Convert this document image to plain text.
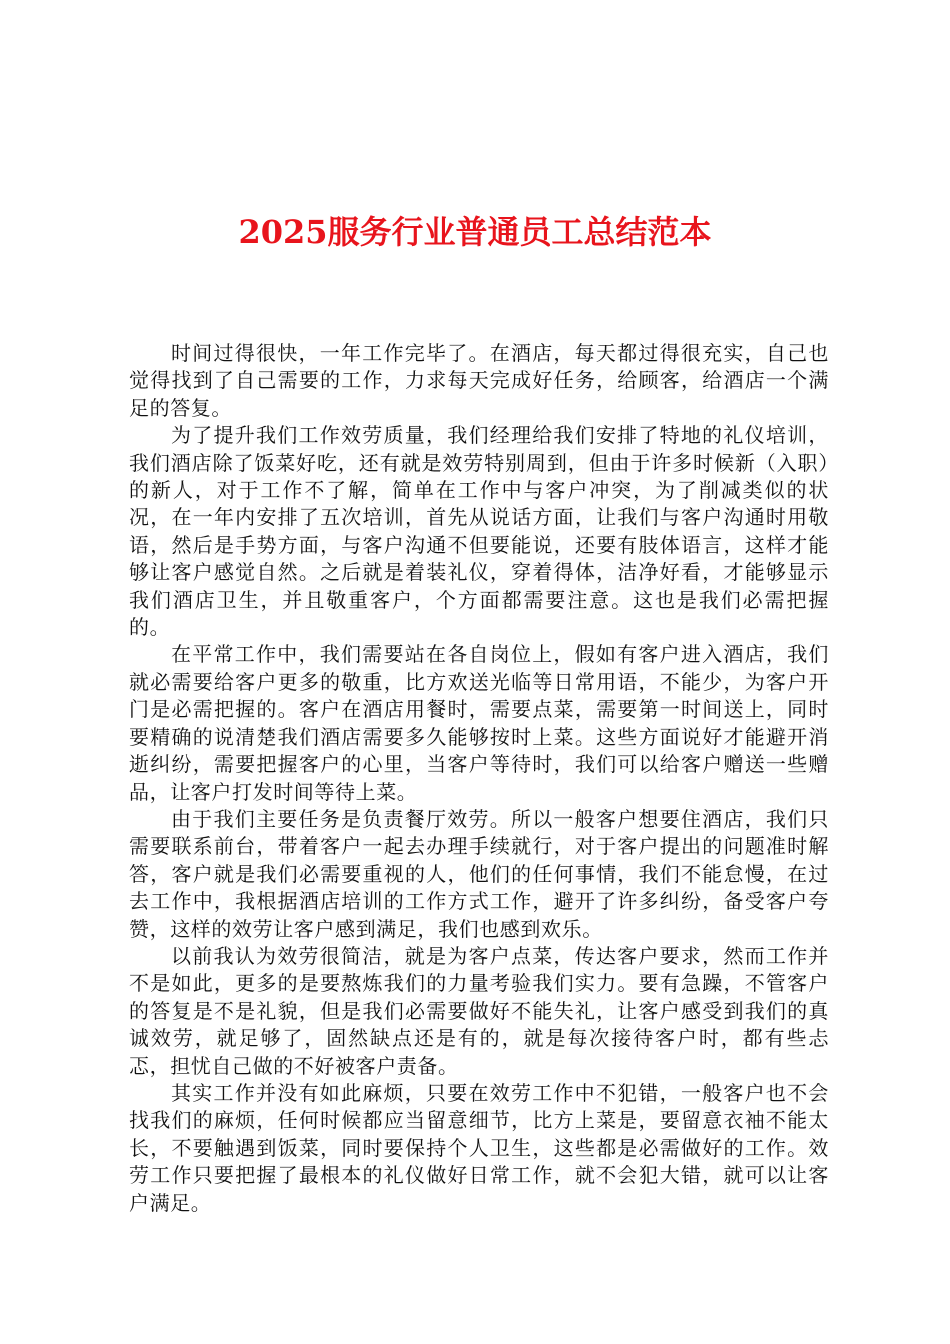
2025服务行业普通员工总结范本

时间过得很快，一年工作完毕了。在酒店，每天都过得很充实，自己也觉得找到了自己需要的工作，力求每天完成好任务，给顾客，给酒店一个满足的答复。

为了提升我们工作效劳质量，我们经理给我们安排了特地的礼仪培训，我们酒店除了饭菜好吃，还有就是效劳特别周到，但由于许多时候新（入职）的新人，对于工作不了解，简单在工作中与客户冲突，为了削减类似的状况，在一年内安排了五次培训，首先从说话方面，让我们与客户沟通时用敬语，然后是手势方面，与客户沟通不但要能说，还要有肢体语言，这样才能够让客户感觉自然。之后就是着装礼仪，穿着得体，洁净好看，才能够显示我们酒店卫生，并且敬重客户，个方面都需要注意。这也是我们必需把握的。

在平常工作中，我们需要站在各自岗位上，假如有客户进入酒店，我们就必需要给客户更多的敬重，比方欢送光临等日常用语，不能少，为客户开门是必需把握的。客户在酒店用餐时，需要点菜，需要第一时间送上，同时要精确的说清楚我们酒店需要多久能够按时上菜。这些方面说好才能避开消逝纠纷，需要把握客户的心里，当客户等待时，我们可以给客户赠送一些赠品，让客户打发时间等待上菜。

由于我们主要任务是负责餐厅效劳。所以一般客户想要住酒店，我们只需要联系前台，带着客户一起去办理手续就行，对于客户提出的问题准时解答，客户就是我们必需要重视的人，他们的任何事情，我们不能怠慢，在过去工作中，我根据酒店培训的工作方式工作，避开了许多纠纷，备受客户夸赞，这样的效劳让客户感到满足，我们也感到欢乐。

以前我认为效劳很简洁，就是为客户点菜，传达客户要求，然而工作并不是如此，更多的是要熬炼我们的力量考验我们实力。要有急躁，不管客户的答复是不是礼貌，但是我们必需要做好不能失礼，让客户感受到我们的真诚效劳，就足够了，固然缺点还是有的，就是每次接待客户时，都有些忐忑，担忧自己做的不好被客户责备。

其实工作并没有如此麻烦，只要在效劳工作中不犯错，一般客户也不会找我们的麻烦，任何时候都应当留意细节，比方上菜是，要留意衣袖不能太长，不要触遇到饭菜，同时要保持个人卫生，这些都是必需做好的工作。效劳工作只要把握了最根本的礼仪做好日常工作，就不会犯大错，就可以让客户满足。
